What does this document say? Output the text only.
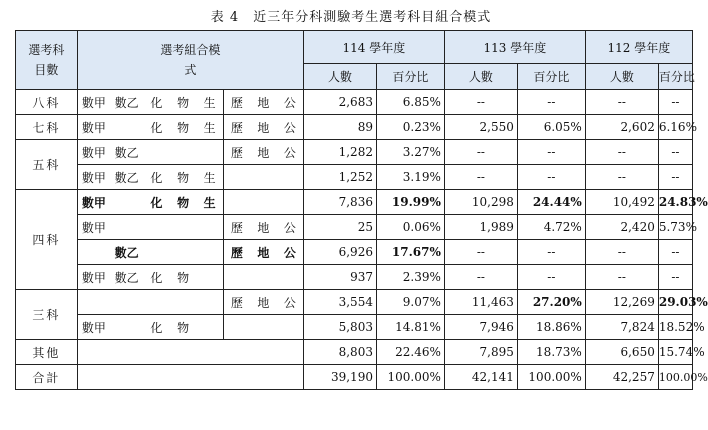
表 4　近三年分科測驗考生選考科目組合模式
選考科目數	選考組合模式								114 學年度		113 學年度		112 學年度	
									人數	百分比	人數	百分比	人數	百分比
八科	數甲	數乙	化	物	生	歷	地	公	2,683	6.85%	--	--	--	--
七科	數甲		化	物	生	歷	地	公	89	0.23%	2,550	6.05%	2,602	6.16%
五科	數甲	數乙				歷	地	公	1,282	3.27%	--	--	--	--
	數甲	數乙	化	物	生				1,252	3.19%	--	--	--	--
四科	數甲		化	物	生				7,836	19.99%	10,298	24.44%	10,492	24.83%
	數甲					歷	地	公	25	0.06%	1,989	4.72%	2,420	5.73%
		數乙				歷	地	公	6,926	17.67%	--	--	--	--
	數甲	數乙	化	物					937	2.39%	--	--	--	--
三科						歷	地	公	3,554	9.07%	11,463	27.20%	12,269	29.03%
	數甲		化	物					5,803	14.81%	7,946	18.86%	7,824	18.52%
其他									8,803	22.46%	7,895	18.73%	6,650	15.74%
合計									39,190	100.00%	42,141	100.00%	42,257	100.00%
